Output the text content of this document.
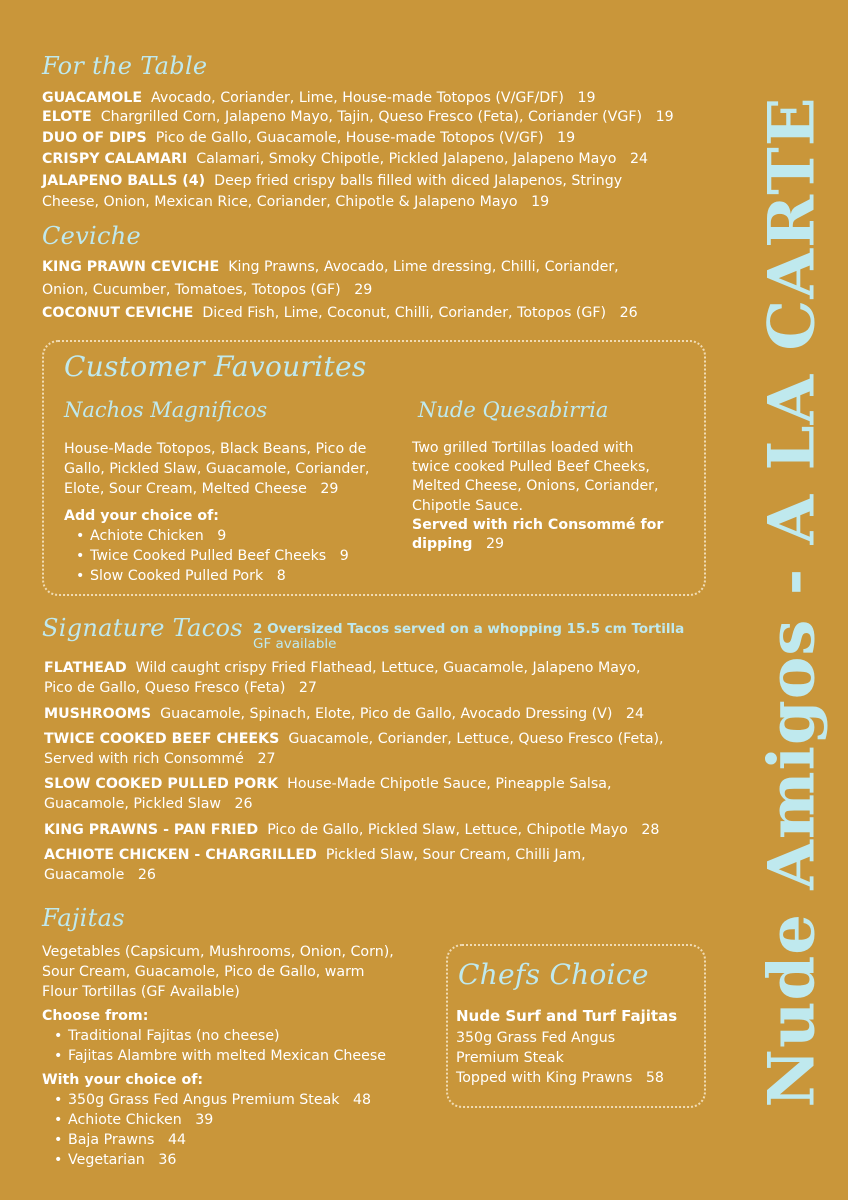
For the Table
GUACAMOLE Avocado, Coriander, Lime, House-made Totopos (V/GF/DF) 19
ELOTE Chargrilled Corn, Jalapeno Mayo, Tajin, Queso Fresco (Feta), Coriander (VGF) 19
DUO OF DIPS Pico de Gallo, Guacamole, House-made Totopos (V/GF) 19
CRISPY CALAMARI Calamari, Smoky Chipotle, Pickled Jalapeno, Jalapeno Mayo 24
JALAPENO BALLS (4) Deep fried crispy balls filled with diced Jalapenos, Stringy
Cheese, Onion, Mexican Rice, Coriander, Chipotle & Jalapeno Mayo 19
Ceviche
KING PRAWN CEVICHE King Prawns, Avocado, Lime dressing, Chilli, Coriander,
Onion, Cucumber, Tomatoes, Totopos (GF) 29
COCONUT CEVICHE Diced Fish, Lime, Coconut, Chilli, Coriander, Totopos (GF) 26
Customer Favourites
Nachos Magnificos	Nude Quesabirria
House-Made Totopos, Black Beans, Pico de
Gallo, Pickled Slaw, Guacamole, Coriander,
Elote, Sour Cream, Melted Cheese 29
Add your choice of:
• Achiote Chicken 9
• Twice Cooked Pulled Beef Cheeks 9
• Slow Cooked Pulled Pork 8
Two grilled Tortillas loaded with
twice cooked Pulled Beef Cheeks,
Melted Cheese, Onions, Coriander,
Chipotle Sauce.
Served with rich Consommé for
dipping 29
Signature Tacos 2 Oversized Tacos served on a whopping 15.5 cm Tortilla
GF available
FLATHEAD Wild caught crispy Fried Flathead, Lettuce, Guacamole, Jalapeno Mayo,
Pico de Gallo, Queso Fresco (Feta) 27
MUSHROOMS Guacamole, Spinach, Elote, Pico de Gallo, Avocado Dressing (V) 24
TWICE COOKED BEEF CHEEKS Guacamole, Coriander, Lettuce, Queso Fresco (Feta),
Served with rich Consommé 27
SLOW COOKED PULLED PORK House-Made Chipotle Sauce, Pineapple Salsa,
Guacamole, Pickled Slaw 26
KING PRAWNS - PAN FRIED Pico de Gallo, Pickled Slaw, Lettuce, Chipotle Mayo 28
ACHIOTE CHICKEN - CHARGRILLED Pickled Slaw, Sour Cream, Chilli Jam,
Guacamole 26
Fajitas
Vegetables (Capsicum, Mushrooms, Onion, Corn),
Sour Cream, Guacamole, Pico de Gallo, warm
Flour Tortillas (GF Available)
Choose from:
• Traditional Fajitas (no cheese)
• Fajitas Alambre with melted Mexican Cheese
With your choice of:
• 350g Grass Fed Angus Premium Steak 48
• Achiote Chicken 39
• Baja Prawns 44
• Vegetarian 36
Chefs Choice
Nude Surf and Turf Fajitas
350g Grass Fed Angus
Premium Steak
Topped with King Prawns 58 Nude Amigos - A LA CARTE
